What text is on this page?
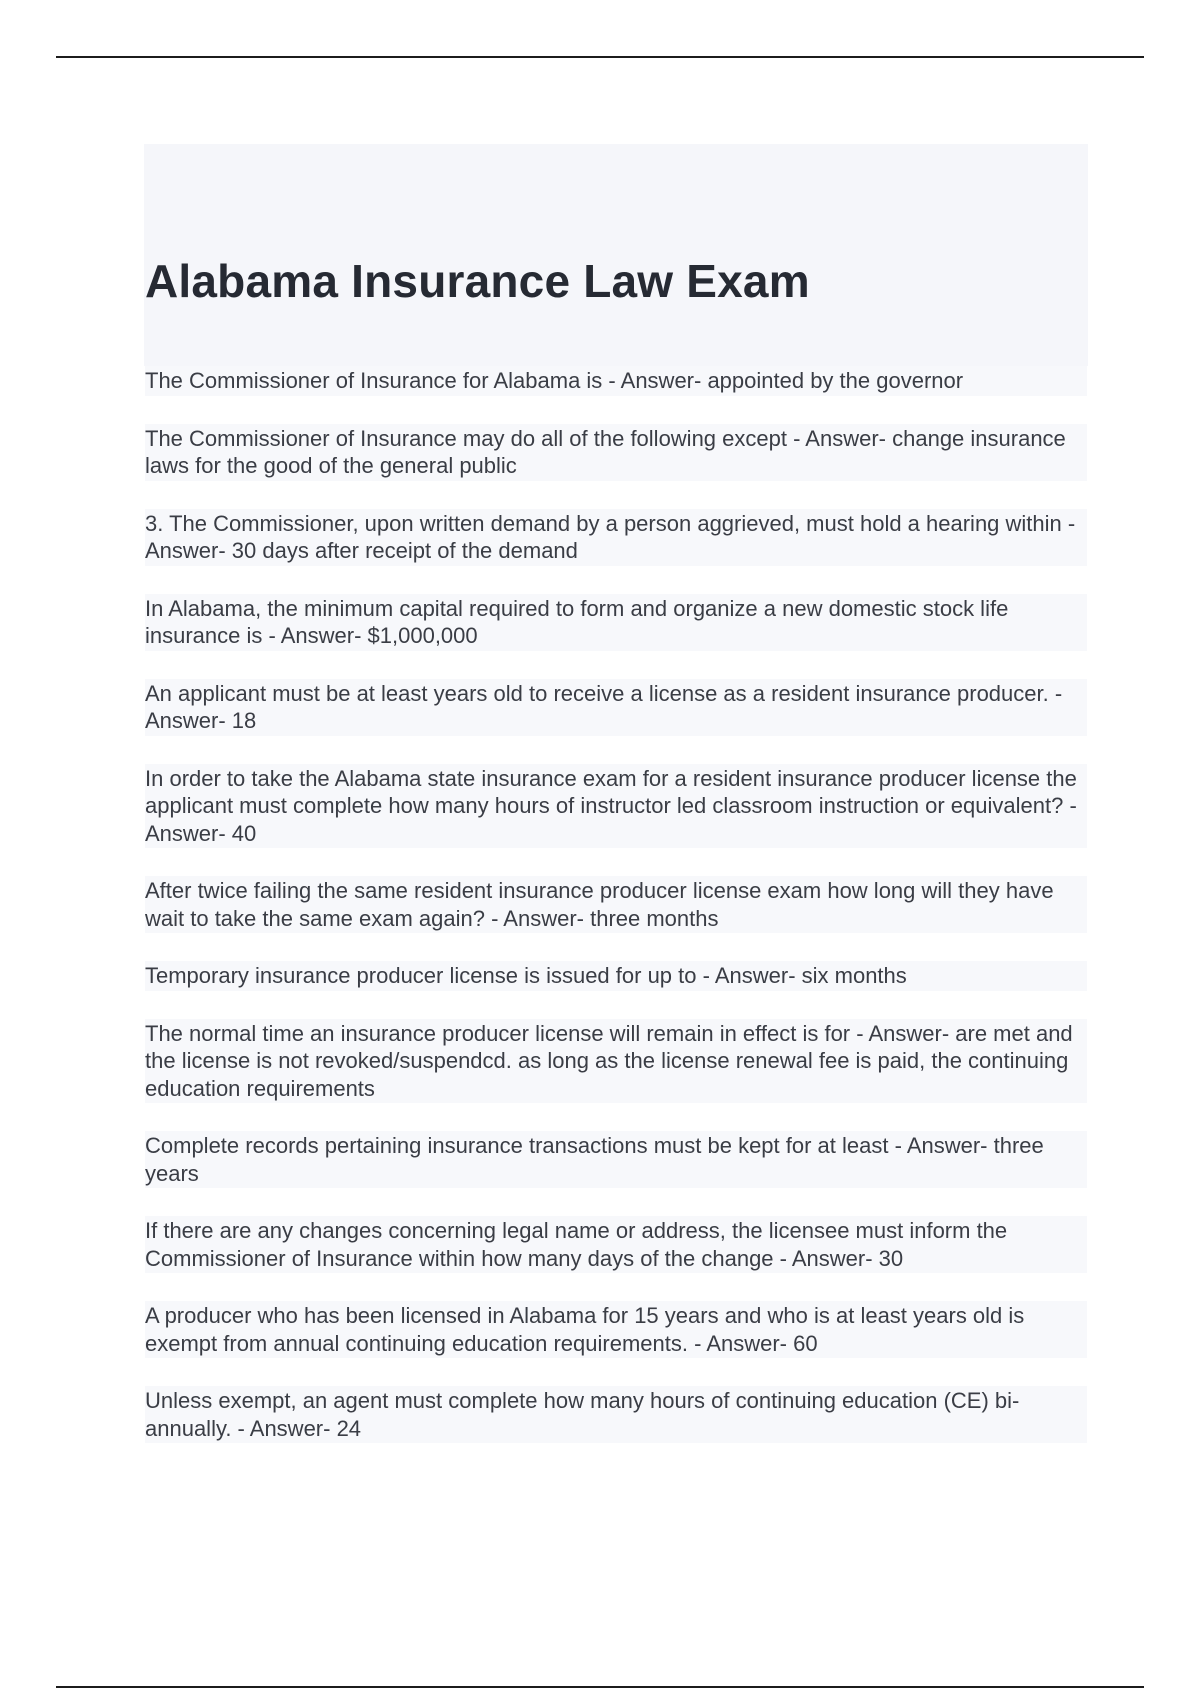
Alabama Insurance Law Exam

The Commissioner of Insurance for Alabama is - Answer- appointed by the governor

The Commissioner of Insurance may do all of the following except - Answer- change insurance laws for the good of the general public

3. The Commissioner, upon written demand by a person aggrieved, must hold a hearing within - Answer- 30 days after receipt of the demand

In Alabama, the minimum capital required to form and organize a new domestic stock life insurance is - Answer- $1,000,000

An applicant must be at least years old to receive a license as a resident insurance producer. - Answer- 18

In order to take the Alabama state insurance exam for a resident insurance producer license the applicant must complete how many hours of instructor led classroom instruction or equivalent? - Answer- 40

After twice failing the same resident insurance producer license exam how long will they have wait to take the same exam again? - Answer- three months

Temporary insurance producer license is issued for up to - Answer- six months

The normal time an insurance producer license will remain in effect is for - Answer- are met and the license is not revoked/suspendcd. as long as the license renewal fee is paid, the continuing education requirements

Complete records pertaining insurance transactions must be kept for at least - Answer- three years

If there are any changes concerning legal name or address, the licensee must inform the Commissioner of Insurance within how many days of the change - Answer- 30

A producer who has been licensed in Alabama for 15 years and who is at least years old is exempt from annual continuing education requirements. - Answer- 60

Unless exempt, an agent must complete how many hours of continuing education (CE) bi-annually. - Answer- 24
